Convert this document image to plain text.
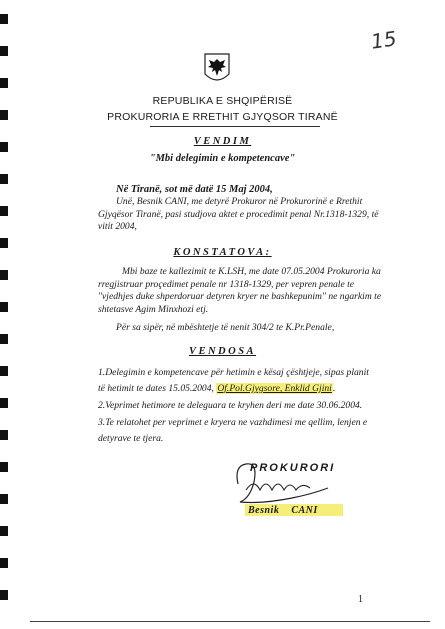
15
REPUBLIKA E SHQIPËRISË
PROKURORIA E RRETHIT GJYQSOR TIRANË
VENDIM
"Mbi delegimin e kompetencave"
Në Tiranë, sot më datë 15 Maj 2004,
Unë, Besnik CANI, me detyrë Prokuror në Prokurorinë e Rrethit Gjyqësor Tiranë, pasi studjova aktet e procedimit penal Nr.1318-1329, të vitit 2004,
KONSTATOVA:
Mbi baze te kallezimit te K.LSH, me date 07.05.2004 Prokuroria ka rregjistruar proçedimet penale nr 1318-1329, per vepren penale te "vjedhjes duke shperdoruar detyren kryer ne bashkepunim" ne ngarkim te shtetasve Agim Minxhozi etj.
Për sa sipër, në mbështetje të nenit 304/2 te K.Pr.Penale,
VENDOSA
1.Delegimin e kompetencave për hetimin e kësaj çështjeje, sipas planit
të hetimit te dates 15.05.2004, Of.Pol.Gjygsore, Enklid Gjini.
2.Veprimet hetimore te deleguara te kryhen deri me date 30.06.2004.
3.Te relatohet per veprimet e kryera ne vazhdimesi me qellim, lenjen e
detyrave te tjera.
PROKURORI
Besnik CANI
1
